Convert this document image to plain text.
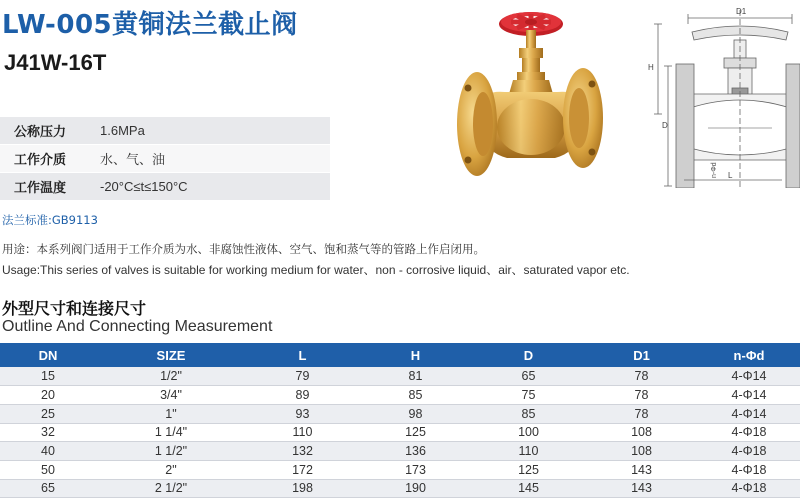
LW-005黄铜法兰截止阀
J41W-16T
公称压力	1.6MPa
工作介质	水、气、油
工作温度	-20°C≤t≤150°C
法兰标准:GB9113
用途：本系列阀门适用于工作介质为水、非腐蚀性液体、空气、饱和蒸气等的管路上作启闭用。
Usage:This series of valves is suitable for working medium for water、non - corrosive liquid、air、saturated vapor etc.
外型尺寸和连接尺寸
Outline And Connecting Measurement
D1
H
D
L
n-Φd
DN	SIZE	L	H	D	D1	n-Φd
15	1/2"	79	81	65	78	4-Φ14
20	3/4"	89	85	75	78	4-Φ14
25	1"	93	98	85	78	4-Φ14
32	1 1/4"	110	125	100	108	4-Φ18
40	1 1/2"	132	136	110	108	4-Φ18
50	2"	172	173	125	143	4-Φ18
65	2 1/2"	198	190	145	143	4-Φ18
